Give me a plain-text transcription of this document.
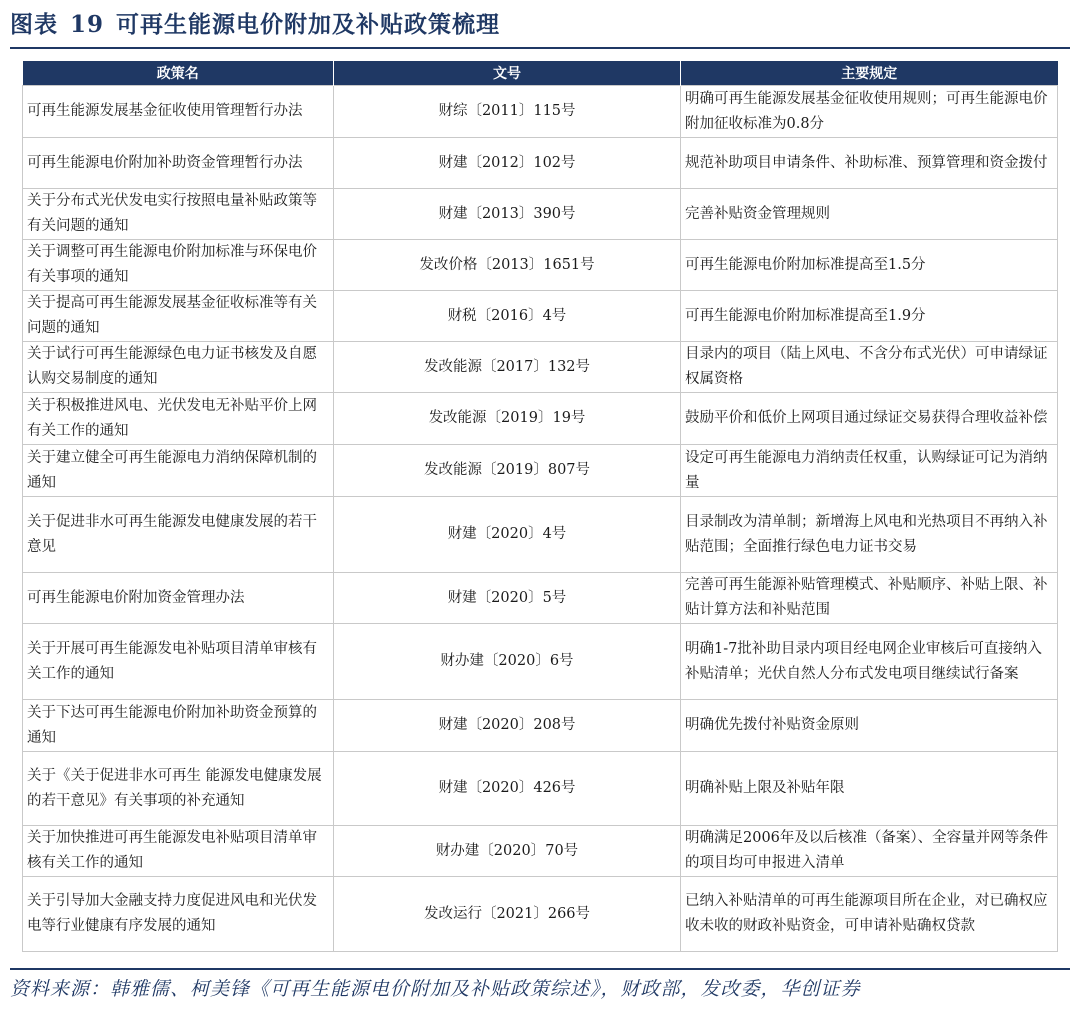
图表 19 可再生能源电价附加及补贴政策梳理
政策名	文号	主要规定
可再生能源发展基金征收使用管理暂行办法	财综〔2011〕115号	明确可再生能源发展基金征收使用规则；可再生能源电价附加征收标准为0.8分
可再生能源电价附加补助资金管理暂行办法	财建〔2012〕102号	规范补助项目申请条件、补助标准、预算管理和资金拨付
关于分布式光伏发电实行按照电量补贴政策等有关问题的通知	财建〔2013〕390号	完善补贴资金管理规则
关于调整可再生能源电价附加标准与环保电价有关事项的通知	发改价格〔2013〕1651号	可再生能源电价附加标准提高至1.5分
关于提高可再生能源发展基金征收标准等有关问题的通知	财税〔2016〕4号	可再生能源电价附加标准提高至1.9分
关于试行可再生能源绿色电力证书核发及自愿认购交易制度的通知	发改能源〔2017〕132号	目录内的项目（陆上风电、不含分布式光伏）可申请绿证权属资格
关于积极推进风电、光伏发电无补贴平价上网有关工作的通知	发改能源〔2019〕19号	鼓励平价和低价上网项目通过绿证交易获得合理收益补偿
关于建立健全可再生能源电力消纳保障机制的通知	发改能源〔2019〕807号	设定可再生能源电力消纳责任权重，认购绿证可记为消纳量
关于促进非水可再生能源发电健康发展的若干意见	财建〔2020〕4号	目录制改为清单制；新增海上风电和光热项目不再纳入补贴范围；全面推行绿色电力证书交易
可再生能源电价附加资金管理办法	财建〔2020〕5号	完善可再生能源补贴管理模式、补贴顺序、补贴上限、补贴计算方法和补贴范围
关于开展可再生能源发电补贴项目清单审核有关工作的通知	财办建〔2020〕6号	明确1-7批补助目录内项目经电网企业审核后可直接纳入补贴清单；光伏自然人分布式发电项目继续试行备案
关于下达可再生能源电价附加补助资金预算的通知	财建〔2020〕208号	明确优先拨付补贴资金原则
关于《关于促进非水可再生 能源发电健康发展的若干意见》有关事项的补充通知	财建〔2020〕426号	明确补贴上限及补贴年限
关于加快推进可再生能源发电补贴项目清单审核有关工作的通知	财办建〔2020〕70号	明确满足2006年及以后核准（备案）、全容量并网等条件的项目均可申报进入清单
关于引导加大金融支持力度促进风电和光伏发电等行业健康有序发展的通知	发改运行〔2021〕266号	已纳入补贴清单的可再生能源项目所在企业，对已确权应收未收的财政补贴资金，可申请补贴确权贷款
资料来源：韩雅儒、柯美锋《可再生能源电价附加及补贴政策综述》，财政部，发改委，华创证券
